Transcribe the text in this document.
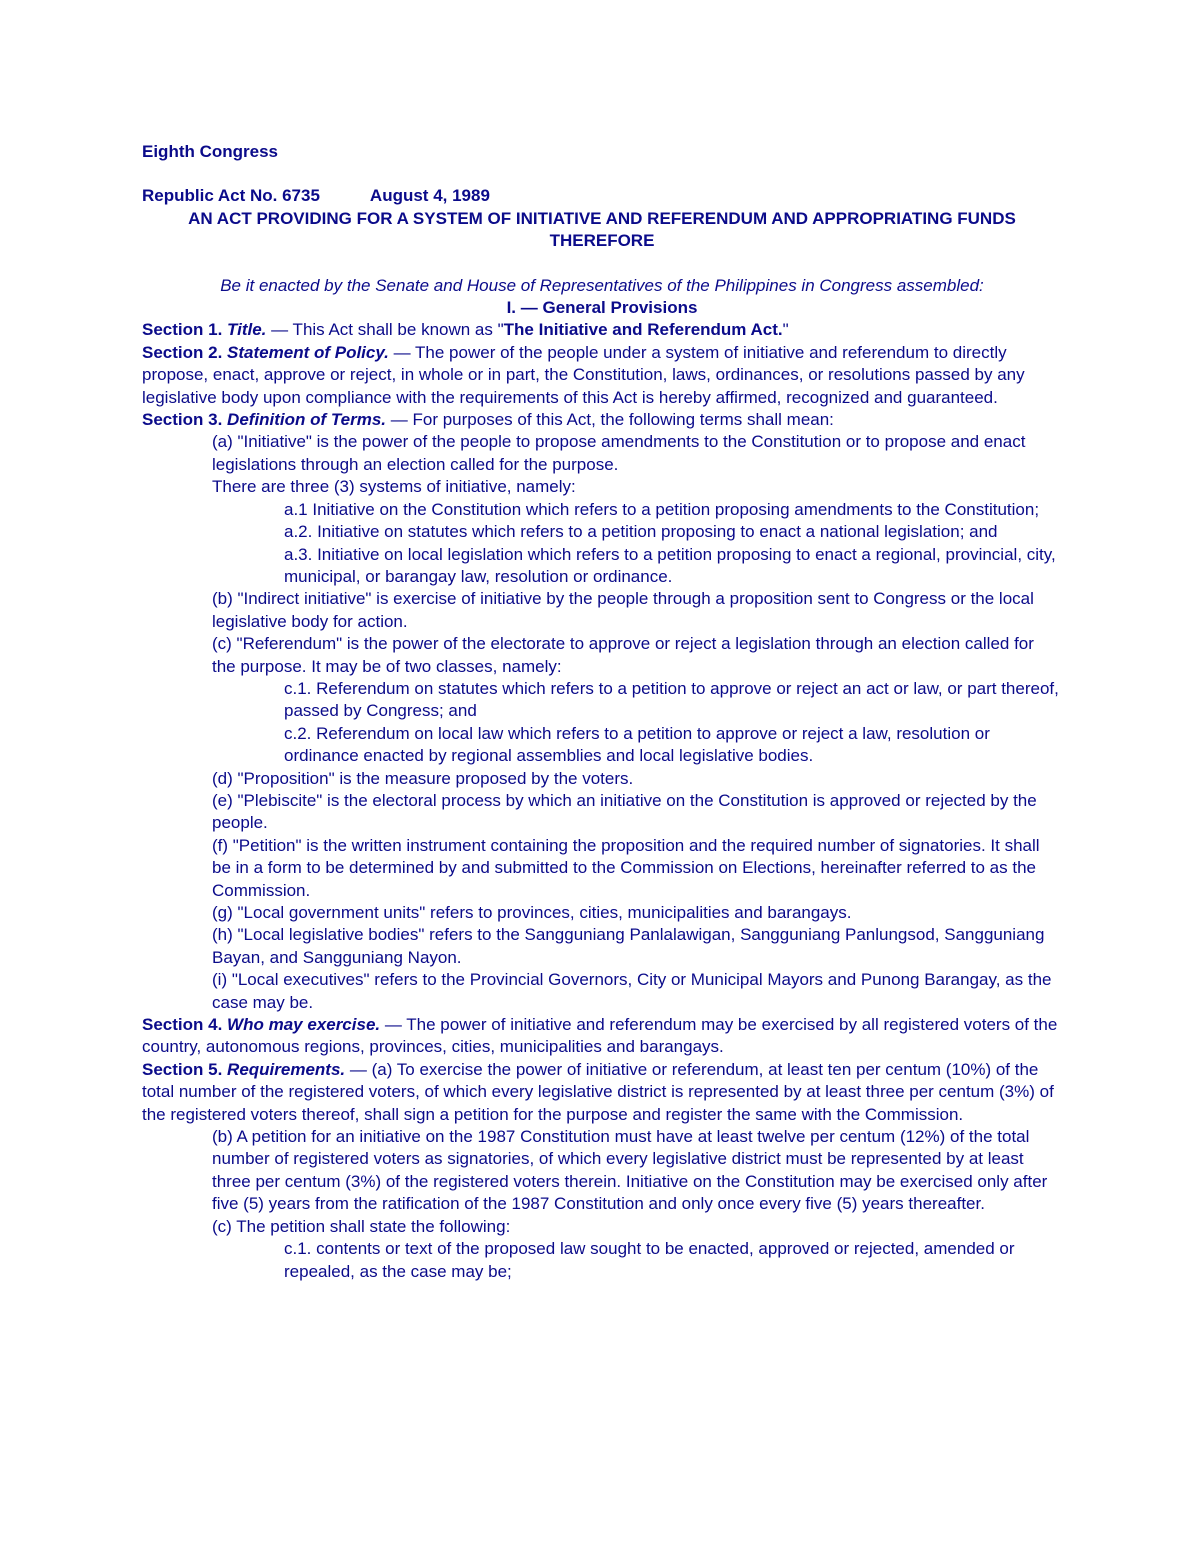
Eighth Congress

Republic Act No. 6735	August 4, 1989

AN ACT PROVIDING FOR A SYSTEM OF INITIATIVE AND REFERENDUM AND APPROPRIATING FUNDS THEREFORE

Be it enacted by the Senate and House of Representatives of the Philippines in Congress assembled:

I. — General Provisions

Section 1. Title. — This Act shall be known as "The Initiative and Referendum Act."

Section 2. Statement of Policy. — The power of the people under a system of initiative and referendum to directly propose, enact, approve or reject, in whole or in part, the Constitution, laws, ordinances, or resolutions passed by any legislative body upon compliance with the requirements of this Act is hereby affirmed, recognized and guaranteed.

Section 3. Definition of Terms. — For purposes of this Act, the following terms shall mean:

(a) "Initiative" is the power of the people to propose amendments to the Constitution or to propose and enact legislations through an election called for the purpose.

There are three (3) systems of initiative, namely:

a.1 Initiative on the Constitution which refers to a petition proposing amendments to the Constitution;

a.2. Initiative on statutes which refers to a petition proposing to enact a national legislation; and

a.3. Initiative on local legislation which refers to a petition proposing to enact a regional, provincial, city, municipal, or barangay law, resolution or ordinance.

(b) "Indirect initiative" is exercise of initiative by the people through a proposition sent to Congress or the local legislative body for action.

(c) "Referendum" is the power of the electorate to approve or reject a legislation through an election called for the purpose. It may be of two classes, namely:

c.1. Referendum on statutes which refers to a petition to approve or reject an act or law, or part thereof, passed by Congress; and

c.2. Referendum on local law which refers to a petition to approve or reject a law, resolution or ordinance enacted by regional assemblies and local legislative bodies.

(d) "Proposition" is the measure proposed by the voters.

(e) "Plebiscite" is the electoral process by which an initiative on the Constitution is approved or rejected by the people.

(f) "Petition" is the written instrument containing the proposition and the required number of signatories. It shall be in a form to be determined by and submitted to the Commission on Elections, hereinafter referred to as the Commission.

(g) "Local government units" refers to provinces, cities, municipalities and barangays.

(h) "Local legislative bodies" refers to the Sangguniang Panlalawigan, Sangguniang Panlungsod, Sangguniang Bayan, and Sangguniang Nayon.

(i) "Local executives" refers to the Provincial Governors, City or Municipal Mayors and Punong Barangay, as the case may be.

Section 4. Who may exercise. — The power of initiative and referendum may be exercised by all registered voters of the country, autonomous regions, provinces, cities, municipalities and barangays.

Section 5. Requirements. — (a) To exercise the power of initiative or referendum, at least ten per centum (10%) of the total number of the registered voters, of which every legislative district is represented by at least three per centum (3%) of the registered voters thereof, shall sign a petition for the purpose and register the same with the Commission.

(b) A petition for an initiative on the 1987 Constitution must have at least twelve per centum (12%) of the total number of registered voters as signatories, of which every legislative district must be represented by at least three per centum (3%) of the registered voters therein. Initiative on the Constitution may be exercised only after five (5) years from the ratification of the 1987 Constitution and only once every five (5) years thereafter.

(c) The petition shall state the following:

c.1. contents or text of the proposed law sought to be enacted, approved or rejected, amended or repealed, as the case may be;
